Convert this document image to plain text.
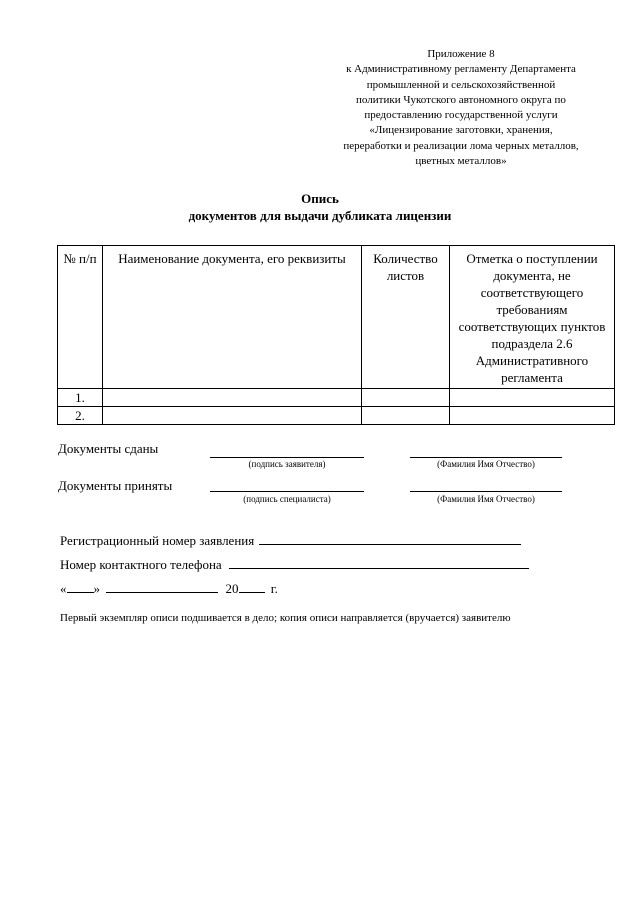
Приложение 8
к Административному регламенту Департамента
промышленной и сельскохозяйственной
политики Чукотского автономного округа по
предоставлению государственной услуги
«Лицензирование заготовки, хранения,
переработки и реализации лома черных металлов,
цветных металлов»
Опись
документов для выдачи дубликата лицензии
№ п/п	Наименование документа, его реквизиты	Количество листов	Отметка о поступлении документа, не соответствующего требованиям соответствующих пунктов подраздела 2.6 Административного регламента
1.			
2.			
Документы сданы
(подпись заявителя)	(Фамилия Имя Отчество)
Документы приняты
(подпись специалиста)	(Фамилия Имя Отчество)
Регистрационный номер заявления
Номер контактного телефона
« »	20 г.
Первый экземпляр описи подшивается в дело; копия описи направляется (вручается) заявителю
